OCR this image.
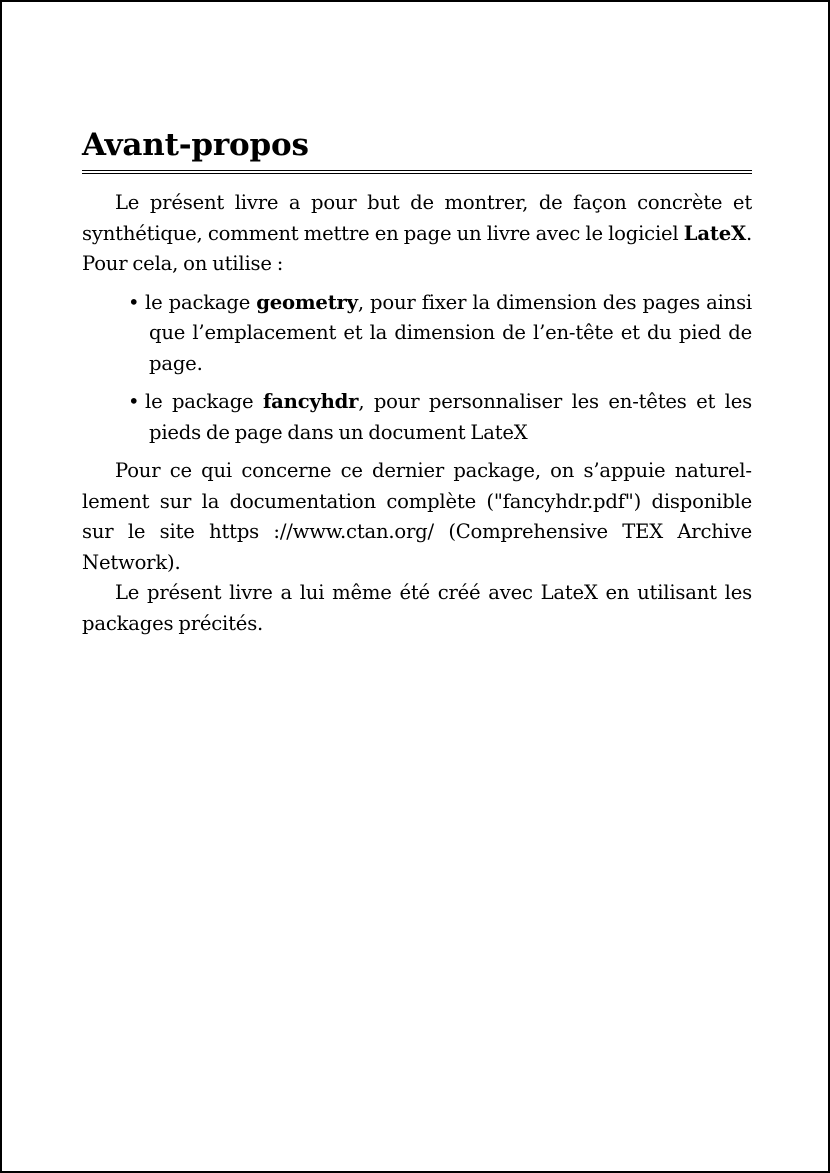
Avant-propos

Le présent livre a pour but de montrer, de façon concrète et synthétique, comment mettre en page un livre avec le logiciel LateX. Pour cela, on utilise :

• le package geometry, pour fixer la dimension des pages ainsi que l’emplacement et la dimension de l’en-tête et du pied de page.
• le package fancyhdr, pour personnaliser les en-têtes et les pieds de page dans un document LateX

Pour ce qui concerne ce dernier package, on s’appuie naturellement sur la documentation complète ("fancyhdr.pdf") disponible sur le site https ://www.ctan.org/ (Comprehensive TEX Archive Network).

Le présent livre a lui même été créé avec LateX en utilisant les packages précités.
